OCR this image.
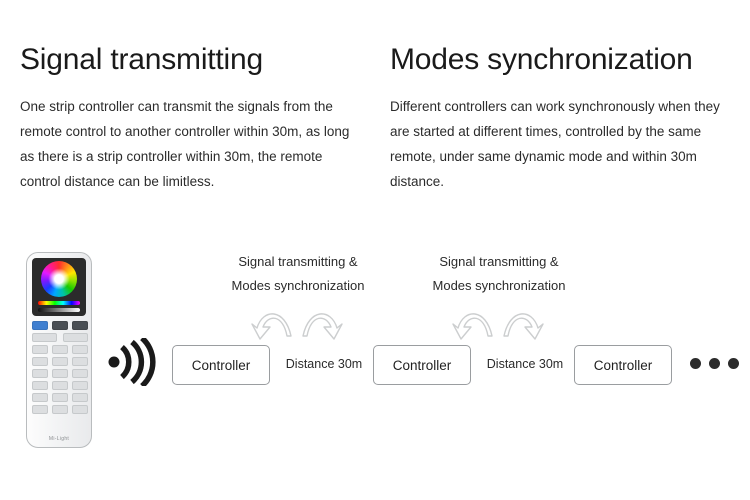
Signal transmitting

One strip controller can transmit the signals from the remote control to another controller within 30m, as long as there is a strip controller within 30m, the remote control distance can be limitless.

Modes synchronization

Different controllers can work synchronously when they are started at different times, controlled by the same remote, under same dynamic mode and within 30m distance.

Mi-Light
Signal transmitting &
Modes synchronization
Signal transmitting &
Modes synchronization
Controller	Controller	Controller
Distance 30m	Distance 30m
